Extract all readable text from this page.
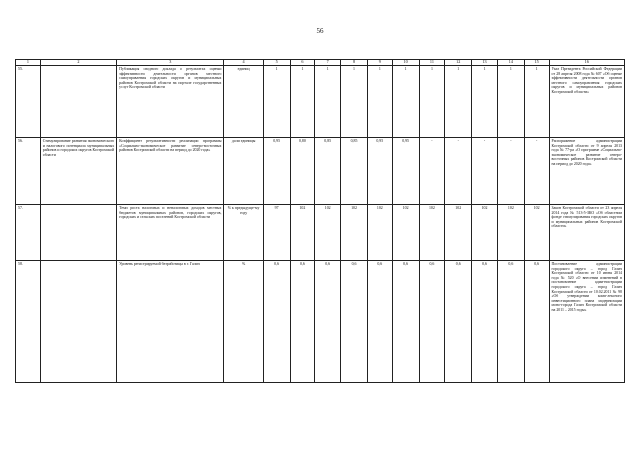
56
1	2	3	4	5	6	7	8	9	10	11	12	13	14	15	16
55.		Публикация сводного доклада о результатах оценки эффективности деятельности органов местного самоуправления городских округов и муниципальных районов Костромской области на портале государственных услуг Костромской области	единиц	1	1	1	1	1	1	1	1	1	1	1	Указ Президента Российской Федерации от 28 апреля 2008 года № 607 «Об оценке эффективности деятельности органов местного самоуправления городских округов и муниципальных районов Костромской области»
56.	Стимулирование развития экономического и налогового потенциала муниципальных районов и городских округов Костромской области	Коэффициент результативности реализации программы «Социально-экономическое развитие северо-восточных районов Костромской области на период до 2020 года»	доли единицы	0,95	0,80	0,85	0,85	0,95	0,95	-	-	-	-	-	Распоряжение администрации Костромской области от 9 апреля 2013 года № 77-ра «О программе «Социально-экономическое развитие северо-восточных районов Костромской области на период до 2020 года»
57.		Темп роста налоговых и неналоговых доходов местных бюджетов муниципальных районов, городских округов, городских и сельских поселений Костромской области	% к предыдуще-му году	97	102	102	102	102	102	102	102	102	102	102	Закон Костромской области от 23 апреля 2014 года № 513-5-ЗКО «Об областном фонде стимулирования городских округов и муниципальных районов Костромской области»
58.		Уровень регистрируемой безработицы в г. Галич	%	0,6	0,6	0,6	0,6	0,6	0,6	0,6	0,6	0,6	0,6	0,6	Постановление администрации городского округа – город Галич Костромской области от 10 июня 2014 года № 520 «О внесении изменений в постановление адми-нистрации городского округа – город Галич Костромской области от 10.02.2011 № 98 «Об утверждении комп-лексного инвестиционного плана модернизации моно-города Галич Костромской области на 2011 – 2015 годы»
